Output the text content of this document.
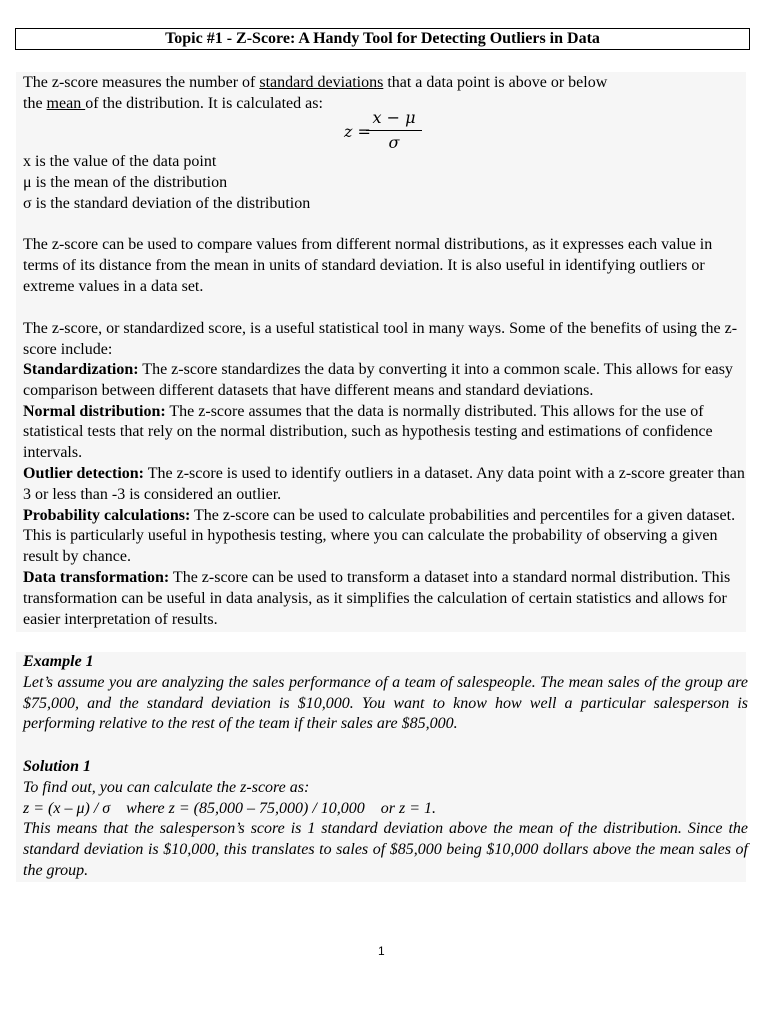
Topic #1 - Z-Score: A Handy Tool for Detecting Outliers in Data

The z-score measures the number of standard deviations that a data point is above or below
the mean of the distribution. It is calculated as:

z =
x − μ
σ

x is the value of the data point
μ is the mean of the distribution
σ is the standard deviation of the distribution

The z-score can be used to compare values from different normal distributions, as it expresses each value in terms of its distance from the mean in units of standard deviation. It is also useful in identifying outliers or extreme values in a data set.

The z-score, or standardized score, is a useful statistical tool in many ways. Some of the benefits of using the z-score include:

Standardization: The z-score standardizes the data by converting it into a common scale. This allows for easy comparison between different datasets that have different means and standard deviations.
Normal distribution: The z-score assumes that the data is normally distributed. This allows for the use of statistical tests that rely on the normal distribution, such as hypothesis testing and estimations of confidence intervals.
Outlier detection: The z-score is used to identify outliers in a dataset. Any data point with a z-score greater than 3 or less than -3 is considered an outlier.
Probability calculations: The z-score can be used to calculate probabilities and percentiles for a given dataset. This is particularly useful in hypothesis testing, where you can calculate the probability of observing a given result by chance.
Data transformation: The z-score can be used to transform a dataset into a standard normal distribution. This transformation can be useful in data analysis, as it simplifies the calculation of certain statistics and allows for easier interpretation of results.
Example 1
Let’s assume you are analyzing the sales performance of a team of salespeople. The mean sales of the group are $75,000, and the standard deviation is $10,000. You want to know how well a particular salesperson is performing relative to the rest of the team if their sales are $85,000.
Solution 1
To find out, you can calculate the z-score as:
z = (x – μ) / σ    where z = (85,000 – 75,000) / 10,000    or z = 1.
This means that the salesperson’s score is 1 standard deviation above the mean of the distribution. Since the standard deviation is $10,000, this translates to sales of $85,000 being $10,000 dollars above the mean sales of the group.
1
